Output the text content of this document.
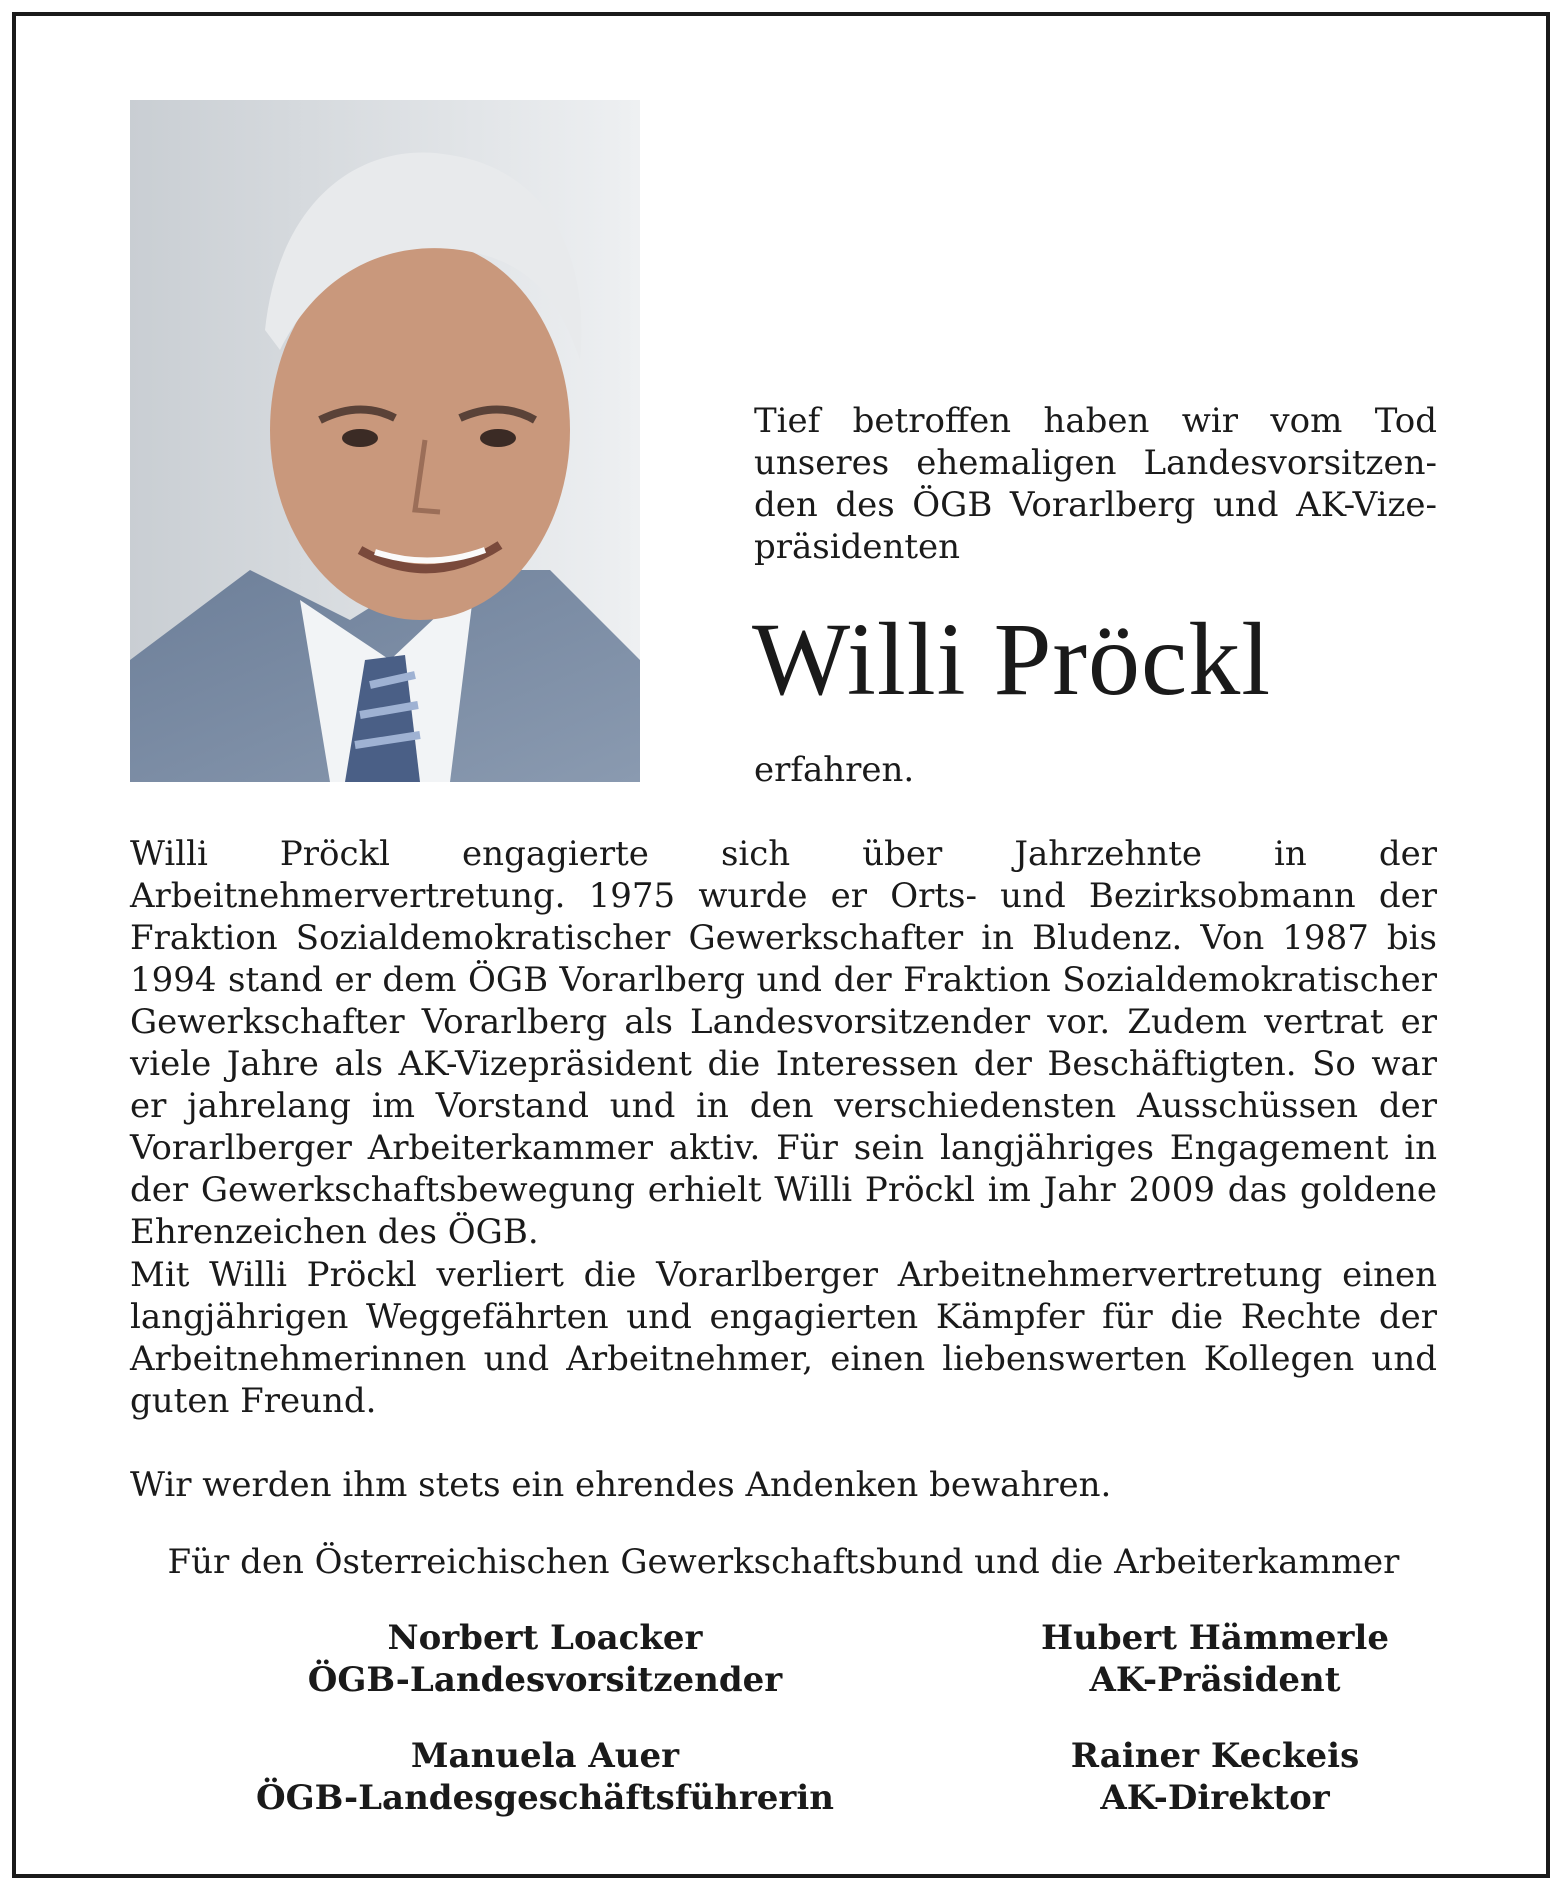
Tief betroffen haben wir vom Tod unseres ehemaligen Landesvorsitzenden des ÖGB Vorarlberg und AK-Vizepräsidenten
Willi Pröckl
erfahren.
Willi Pröckl engagierte sich über Jahrzehnte in der Arbeitnehmervertretung. 1975 wurde er Orts- und Bezirksobmann der Fraktion Sozialdemokratischer Gewerkschafter in Bludenz. Von 1987 bis 1994 stand er dem ÖGB Vorarlberg und der Fraktion Sozialdemokratischer Gewerkschafter Vorarlberg als Landesvorsitzender vor. Zudem vertrat er viele Jahre als AK-Vizepräsident die Interessen der Beschäftigten. So war er jahrelang im Vorstand und in den verschiedensten Ausschüssen der Vorarlberger Arbeiterkammer aktiv. Für sein langjähriges Engagement in der Gewerkschaftsbewegung erhielt Willi Pröckl im Jahr 2009 das goldene Ehrenzeichen des ÖGB.
Mit Willi Pröckl verliert die Vorarlberger Arbeitnehmervertretung einen langjährigen Weggefährten und engagierten Kämpfer für die Rechte der Arbeitnehmerinnen und Arbeitnehmer, einen liebenswerten Kollegen und guten Freund.
Wir werden ihm stets ein ehrendes Andenken bewahren.
Für den Österreichischen Gewerkschaftsbund und die Arbeiterkammer
Norbert Loacker
ÖGB-Landesvorsitzender
Hubert Hämmerle
AK-Präsident
Manuela Auer
ÖGB-Landesgeschäftsführerin
Rainer Keckeis
AK-Direktor
